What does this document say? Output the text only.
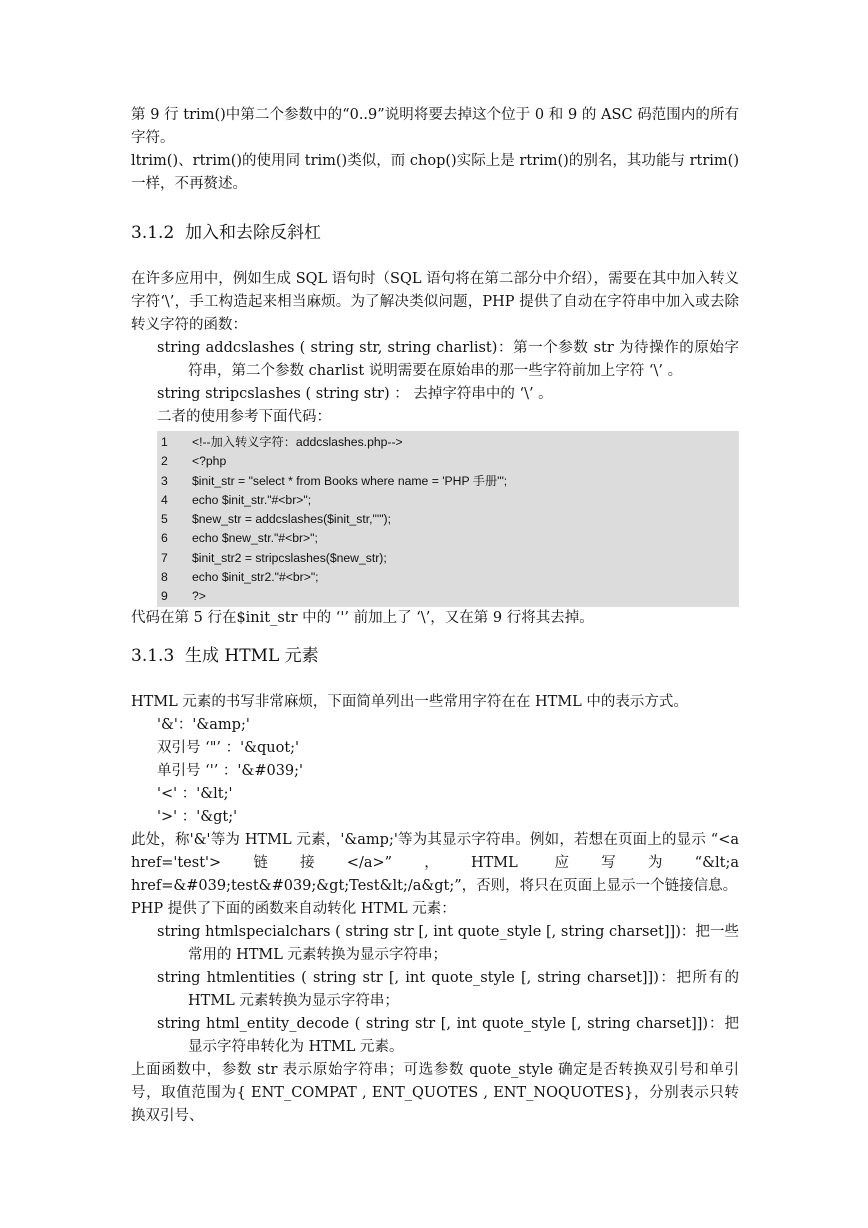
第 9 行 trim()中第二个参数中的“0..9”说明将要去掉这个位于 0 和 9 的 ASC 码范围内的所有字符。

ltrim()、rtrim()的使用同 trim()类似，而 chop()实际上是 rtrim()的别名，其功能与 rtrim()一样，不再赘述。

3.1.2 加入和去除反斜杠

在许多应用中，例如生成 SQL 语句时（SQL 语句将在第二部分中介绍），需要在其中加入转义字符‘\’，手工构造起来相当麻烦。为了解决类似问题，PHP 提供了自动在字符串中加入或去除转义字符的函数：

string addcslashes ( string str, string charlist)：第一个参数 str 为待操作的原始字符串，第二个参数 charlist 说明需要在原始串的那一些字符前加上字符 ‘\’ 。

string stripcslashes ( string str) ： 去掉字符串中的 ‘\’ 。

二者的使用参考下面代码：

1	<!--加入转义字符：addcslashes.php-->
2	<?php
3	$init_str = "select * from Books where name = 'PHP 手册'";
4	echo $init_str."#<br>";
5	$new_str = addcslashes($init_str,"'");
6	echo $new_str."#<br>";
7	$init_str2 = stripcslashes($new_str);
8	echo $init_str2."#<br>";
9	?>

代码在第 5 行在$init_str 中的 ‘'’ 前加上了 ‘\’，又在第 9 行将其去掉。

3.1.3 生成 HTML 元素

HTML 元素的书写非常麻烦，下面简单列出一些常用字符在在 HTML 中的表示方式。

'&'：'&amp;'

双引号 ‘"’ ：'&quot;'

单引号 ‘'’ ：'&#039;'

'<' ：'&lt;'

'>' ：'&gt;'

此处，称'&'等为 HTML 元素，'&amp;'等为其显示字符串。例如，若想在页面上的显示 “<a href='test'>链接</a>”，HTML 应写为“&lt;a href=&#039;test&#039;&gt;Test&lt;/a&gt;”，否则，将只在页面上显示一个链接信息。

PHP 提供了下面的函数来自动转化 HTML 元素：

string htmlspecialchars ( string str [, int quote_style [, string charset]])：把一些常用的 HTML 元素转换为显示字符串；

string htmlentities ( string str [, int quote_style [, string charset]])：把所有的 HTML 元素转换为显示字符串；

string html_entity_decode ( string str [, int quote_style [, string charset]])：把显示字符串转化为 HTML 元素。

上面函数中，参数 str 表示原始字符串；可选参数 quote_style 确定是否转换双引号和单引号，取值范围为{ ENT_COMPAT , ENT_QUOTES , ENT_NOQUOTES}，分别表示只转换双引号、
